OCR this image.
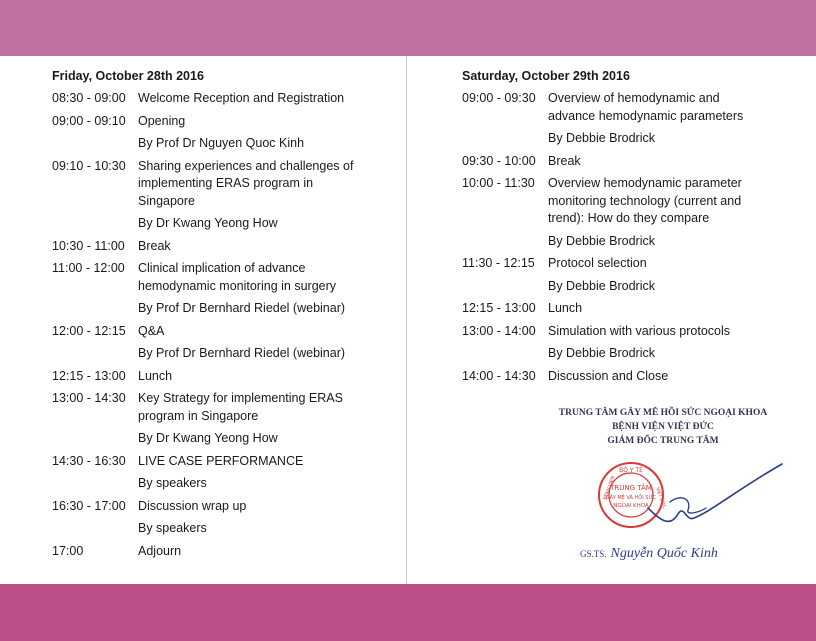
Friday, October 28th 2016
08:30 - 09:00 Welcome Reception and Registration
09:00 - 09:10 Opening
By Prof Dr Nguyen Quoc Kinh
09:10 - 10:30 Sharing experiences and challenges of implementing ERAS program in Singapore
By Dr Kwang Yeong How
10:30 - 11:00	Break
11:00 - 12:00	Clinical implication of advance hemodynamic monitoring in surgery
By Prof Dr Bernhard Riedel (webinar)
12:00 - 12:15 Q&A
By Prof Dr Bernhard Riedel (webinar)
12:15 - 13:00 Lunch
13:00 - 14:30 Key Strategy for implementing ERAS program in Singapore
By Dr Kwang Yeong How
14:30 - 16:30 LIVE CASE PERFORMANCE
By speakers
16:30 - 17:00 Discussion wrap up
By speakers
17:00	Adjourn
Saturday, October 29th 2016
09:00 - 09:30 Overview of hemodynamic and advance hemodynamic parameters
By Debbie Brodrick
09:30 - 10:00 Break
10:00 - 11:30	Overview hemodynamic parameter monitoring technology (current and trend): How do they compare
By Debbie Brodrick
11:30 - 12:15	Protocol selection
By Debbie Brodrick
12:15 - 13:00 Lunch
13:00 - 14:00 Simulation with various protocols
By Debbie Brodrick
14:00 - 14:30 Discussion and Close
TRUNG TÂM GÂY MÊ HỒI SỨC NGOẠI KHOA
BỆNH VIỆN VIỆT ĐỨC
GIÁM ĐỐC TRUNG TÂM
BỘ Y TẾ
TRUNG TÂM
GÂY MÊ VÀ HỒI SỨC
NGOẠI KHOA
BỆNH VIỆN	VIỆT ĐỨC
GS.TS. Nguyễn Quốc Kinh
